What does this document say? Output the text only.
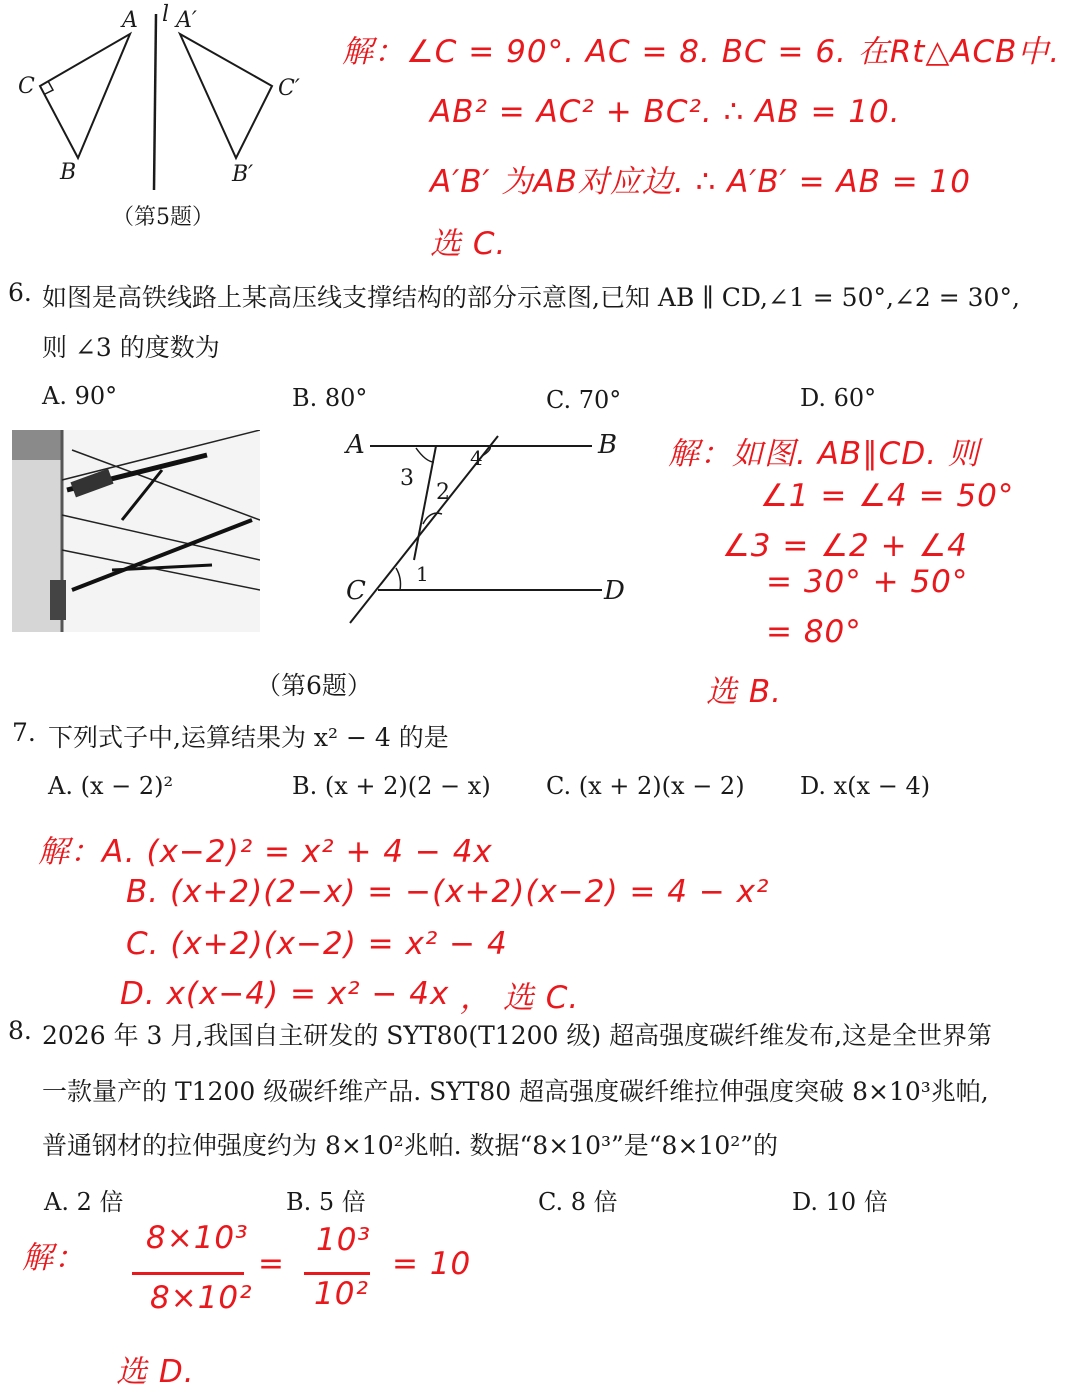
A l A′
C	C′
B	B′
（第5题）
解：∠C = 90°. AC = 8. BC = 6. 在Rt△ACB中.
AB² = AC² + BC². ∴ AB = 10.
A′B′ 为AB对应边. ∴ A′B′ = AB = 10
选 C.
6. 如图是高铁线路上某高压线支撑结构的部分示意图,已知 AB ∥ CD,∠1 = 50°,∠2 = 30°,
则 ∠3 的度数为
A. 90°	B. 80°	C. 70°	D. 60°
A	B
C	D
3
2
1
4
（第6题）
解：如图. AB∥CD. 则
∠1 = ∠4 = 50°
∠3 = ∠2 + ∠4
= 30° + 50°
= 80°
选 B.
7. 下列式子中,运算结果为 x² − 4 的是
A. (x − 2)²	B. (x + 2)(2 − x) C. (x + 2)(x − 2) D. x(x − 4)
解：A. (x−2)² = x² + 4 − 4x
B. (x+2)(2−x) = −(x+2)(x−2) = 4 − x²
C. (x+2)(x−2) = x² − 4
D. x(x−4) = x² − 4x ， 选 C.
8. 2026 年 3 月,我国自主研发的 SYT80(T1200 级) 超高强度碳纤维发布,这是全世界第
一款量产的 T1200 级碳纤维产品. SYT80 超高强度碳纤维拉伸强度突破 8×10³兆帕,
普通钢材的拉伸强度约为 8×10²兆帕. 数据“8×10³”是“8×10²”的
A. 2 倍	B. 5 倍	C. 8 倍	D. 10 倍
解：
8×10³
8×10²
=
10³
10²
= 10
选 D.
